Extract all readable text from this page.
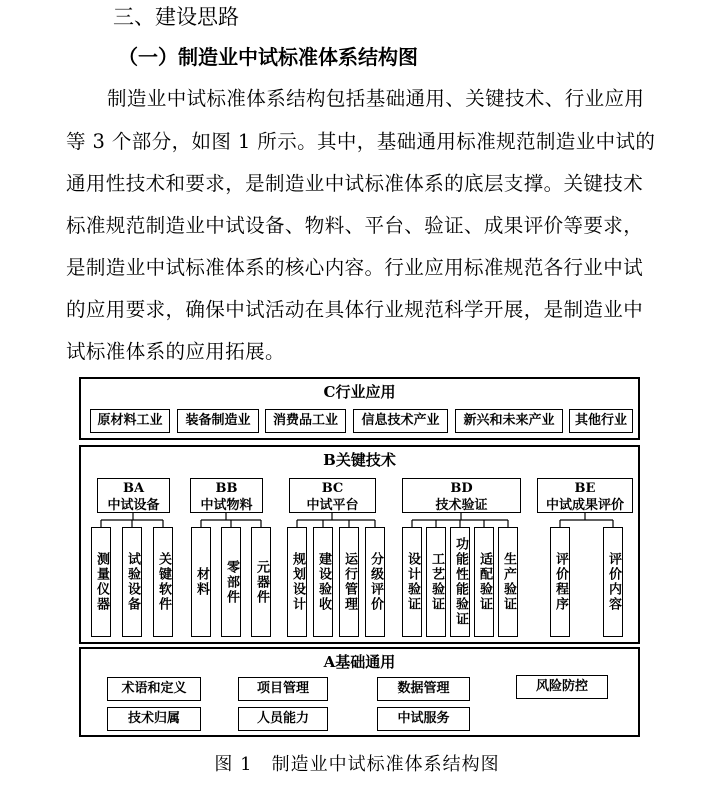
三、建设思路
（一）制造业中试标准体系结构图
制造业中试标准体系结构包括基础通用、关键技术、行业应用
等 3 个部分，如图 1 所示。其中，基础通用标准规范制造业中试的
通用性技术和要求，是制造业中试标准体系的底层支撑。关键技术
标准规范制造业中试设备、物料、平台、验证、成果评价等要求，
是制造业中试标准体系的核心内容。行业应用标准规范各行业中试
的应用要求，确保中试活动在具体行业规范科学开展，是制造业中
试标准体系的应用拓展。
C行业应用
原材料工业	装备制造业	消费品工业	信息技术产业	新兴和未来产业	其他行业
B关键技术
BA
中试设备
BB
中试物料
BC
中试平台
BD
技术验证
BE
中试成果评价
测量仪器 试验设备 关键软件 材料 零部件 元器件 规划设计 建设验收 运行管理 分级评价 设计验证 工艺验证 功能性能验证 适配验证 生产验证	评价程序	评价内容
A基础通用
术语和定义	项目管理	数据管理	风险防控
技术归属	人员能力	中试服务
图 1　制造业中试标准体系结构图
